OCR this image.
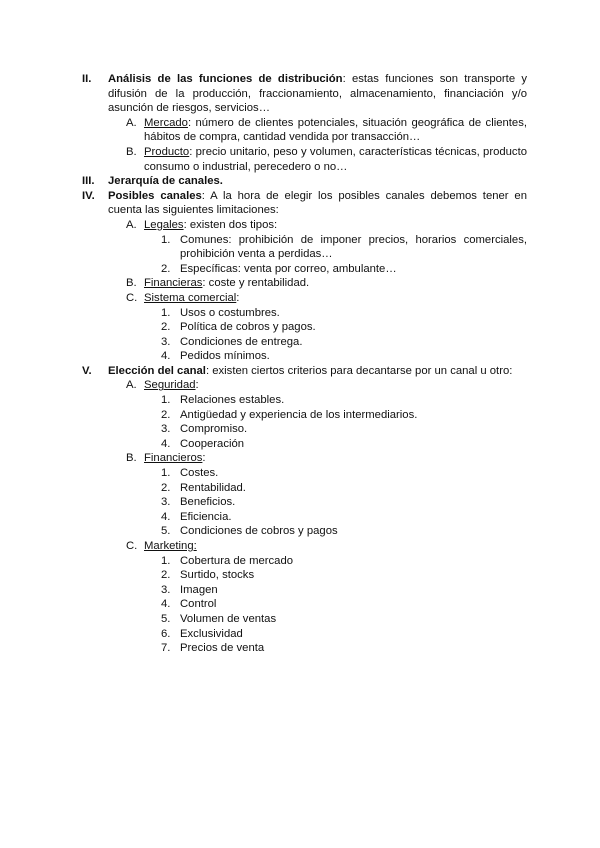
II. Análisis de las funciones de distribución: estas funciones son transporte y difusión de la producción, fraccionamiento, almacenamiento, financiación y/o asunción de riesgos, servicios…
A. Mercado: número de clientes potenciales, situación geográfica de clientes, hábitos de compra, cantidad vendida por transacción…
B. Producto: precio unitario, peso y volumen, características técnicas, producto consumo o industrial, perecedero o no…
III. Jerarquía de canales.
IV. Posibles canales: A la hora de elegir los posibles canales debemos tener en cuenta las siguientes limitaciones:
A. Legales: existen dos tipos:
1. Comunes: prohibición de imponer precios, horarios comerciales, prohibición venta a perdidas…
2. Específicas: venta por correo, ambulante…
B. Financieras: coste y rentabilidad.
C. Sistema comercial:
1. Usos o costumbres.
2. Política de cobros y pagos.
3. Condiciones de entrega.
4. Pedidos mínimos.
V. Elección del canal: existen ciertos criterios para decantarse por un canal u otro:
A. Seguridad:
1. Relaciones estables.
2. Antigüedad y experiencia de los intermediarios.
3. Compromiso.
4. Cooperación
B. Financieros:
1. Costes.
2. Rentabilidad.
3. Beneficios.
4. Eficiencia.
5. Condiciones de cobros y pagos
C. Marketing:
1. Cobertura de mercado
2. Surtido, stocks
3. Imagen
4. Control
5. Volumen de ventas
6. Exclusividad
7. Precios de venta
